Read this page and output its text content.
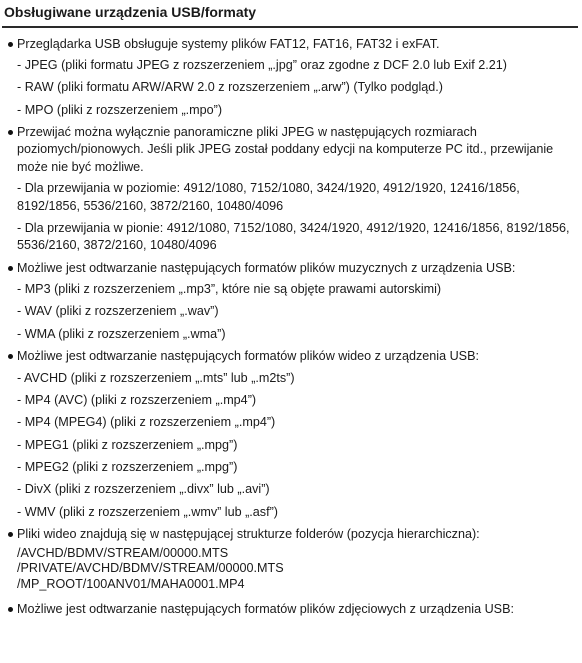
Obsługiwane urządzenia USB/formaty
Przeglądarka USB obsługuje systemy plików FAT12, FAT16, FAT32 i exFAT.
- JPEG (pliki formatu JPEG z rozszerzeniem „.jpg” oraz zgodne z DCF 2.0 lub Exif 2.21)
- RAW (pliki formatu ARW/ARW 2.0 z rozszerzeniem „.arw”) (Tylko podgląd.)
- MPO (pliki z rozszerzeniem „.mpo”)
Przewijać można wyłącznie panoramiczne pliki JPEG w następujących rozmiarach poziomych/pionowych. Jeśli plik JPEG został poddany edycji na komputerze PC itd., przewijanie może nie być możliwe.
- Dla przewijania w poziomie: 4912/1080, 7152/1080, 3424/1920, 4912/1920, 12416/1856, 8192/1856, 5536/2160, 3872/2160, 10480/4096
- Dla przewijania w pionie: 4912/1080, 7152/1080, 3424/1920, 4912/1920, 12416/1856, 8192/1856, 5536/2160, 3872/2160, 10480/4096
Możliwe jest odtwarzanie następujących formatów plików muzycznych z urządzenia USB:
- MP3 (pliki z rozszerzeniem „.mp3”, które nie są objęte prawami autorskimi)
- WAV (pliki z rozszerzeniem „.wav”)
- WMA (pliki z rozszerzeniem „.wma”)
Możliwe jest odtwarzanie następujących formatów plików wideo z urządzenia USB:
- AVCHD (pliki z rozszerzeniem „.mts” lub „.m2ts”)
- MP4 (AVC) (pliki z rozszerzeniem „.mp4”)
- MP4 (MPEG4) (pliki z rozszerzeniem „.mp4”)
- MPEG1 (pliki z rozszerzeniem „.mpg”)
- MPEG2 (pliki z rozszerzeniem „.mpg”)
- DivX (pliki z rozszerzeniem „.divx” lub „.avi”)
- WMV (pliki z rozszerzeniem „.wmv” lub „.asf”)
Pliki wideo znajdują się w następującej strukturze folderów (pozycja hierarchiczna):
/AVCHD/BDMV/STREAM/00000.MTS
/PRIVATE/AVCHD/BDMV/STREAM/00000.MTS
/MP_ROOT/100ANV01/MAHA0001.MP4
Możliwe jest odtwarzanie następujących formatów plików zdjęciowych z urządzenia USB:
